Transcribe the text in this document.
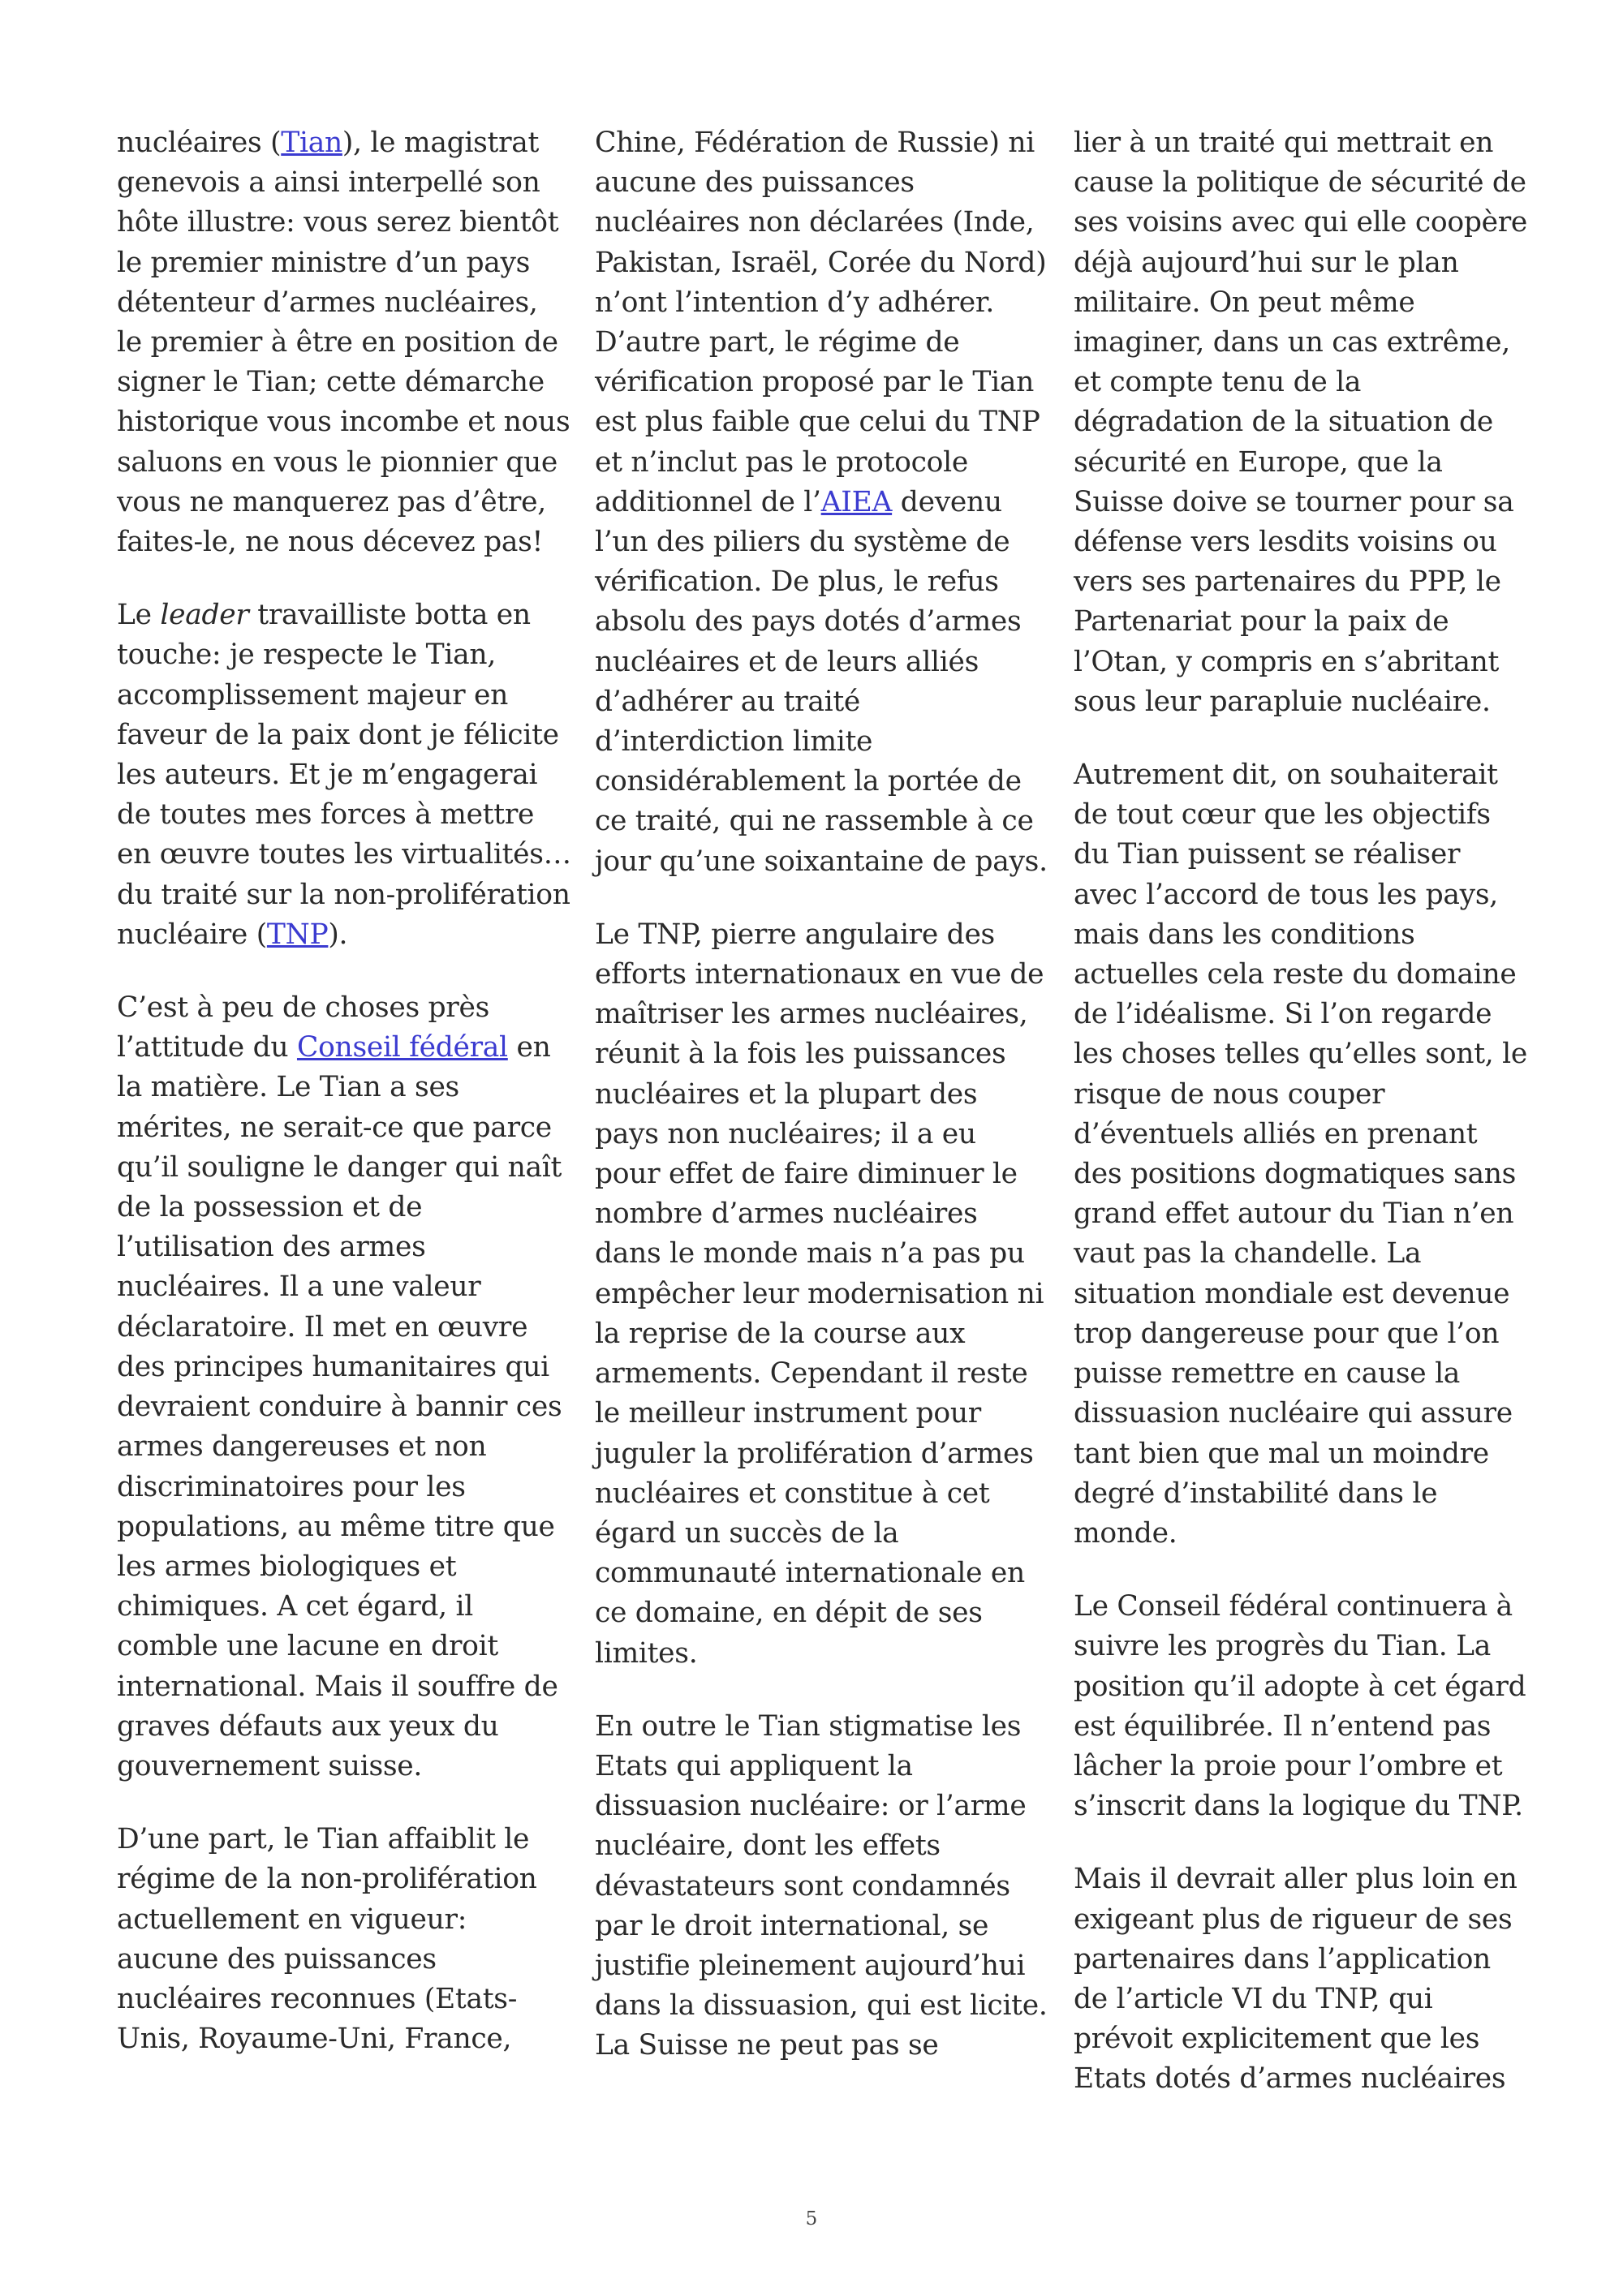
nucléaires (Tian), le magistrat genevois a ainsi interpellé son hôte illustre: vous serez bientôt le premier ministre d’un pays détenteur d’armes nucléaires, le premier à être en position de signer le Tian; cette démarche historique vous incombe et nous saluons en vous le pionnier que vous ne manquerez pas d’être, faites-le, ne nous décevez pas!

Le leader travailliste botta en touche: je respecte le Tian, accomplissement majeur en faveur de la paix dont je félicite les auteurs. Et je m’engagerai de toutes mes forces à mettre en œuvre toutes les virtualités… du traité sur la non-prolifération nucléaire (TNP).

C’est à peu de choses près l’attitude du Conseil fédéral en la matière. Le Tian a ses mérites, ne serait-ce que parce qu’il souligne le danger qui naît de la possession et de l’utilisation des armes nucléaires. Il a une valeur déclaratoire. Il met en œuvre des principes humanitaires qui devraient conduire à bannir ces armes dangereuses et non discriminatoires pour les populations, au même titre que les armes biologiques et chimiques. A cet égard, il comble une lacune en droit international. Mais il souffre de graves défauts aux yeux du gouvernement suisse.

D’une part, le Tian affaiblit le régime de la non-prolifération actuellement en vigueur: aucune des puissances nucléaires reconnues (Etats-Unis, Royaume-Uni, France,

Chine, Fédération de Russie) ni aucune des puissances nucléaires non déclarées (Inde, Pakistan, Israël, Corée du Nord) n’ont l’intention d’y adhérer. D’autre part, le régime de vérification proposé par le Tian est plus faible que celui du TNP et n’inclut pas le protocole additionnel de l’AIEA devenu l’un des piliers du système de vérification. De plus, le refus absolu des pays dotés d’armes nucléaires et de leurs alliés d’adhérer au traité d’interdiction limite considérablement la portée de ce traité, qui ne rassemble à ce jour qu’une soixantaine de pays.

Le TNP, pierre angulaire des efforts internationaux en vue de maîtriser les armes nucléaires, réunit à la fois les puissances nucléaires et la plupart des pays non nucléaires; il a eu pour effet de faire diminuer le nombre d’armes nucléaires dans le monde mais n’a pas pu empêcher leur modernisation ni la reprise de la course aux armements. Cependant il reste le meilleur instrument pour juguler la prolifération d’armes nucléaires et constitue à cet égard un succès de la communauté internationale en ce domaine, en dépit de ses limites.

En outre le Tian stigmatise les Etats qui appliquent la dissuasion nucléaire: or l’arme nucléaire, dont les effets dévastateurs sont condamnés par le droit international, se justifie pleinement aujourd’hui dans la dissuasion, qui est licite. La Suisse ne peut pas se

lier à un traité qui mettrait en cause la politique de sécurité de ses voisins avec qui elle coopère déjà aujourd’hui sur le plan militaire. On peut même imaginer, dans un cas extrême, et compte tenu de la dégradation de la situation de sécurité en Europe, que la Suisse doive se tourner pour sa défense vers lesdits voisins ou vers ses partenaires du PPP, le Partenariat pour la paix de l’Otan, y compris en s’abritant sous leur parapluie nucléaire.

Autrement dit, on souhaiterait de tout cœur que les objectifs du Tian puissent se réaliser avec l’accord de tous les pays, mais dans les conditions actuelles cela reste du domaine de l’idéalisme. Si l’on regarde les choses telles qu’elles sont, le risque de nous couper d’éventuels alliés en prenant des positions dogmatiques sans grand effet autour du Tian n’en vaut pas la chandelle. La situation mondiale est devenue trop dangereuse pour que l’on puisse remettre en cause la dissuasion nucléaire qui assure tant bien que mal un moindre degré d’instabilité dans le monde.

Le Conseil fédéral continuera à suivre les progrès du Tian. La position qu’il adopte à cet égard est équilibrée. Il n’entend pas lâcher la proie pour l’ombre et s’inscrit dans la logique du TNP.

Mais il devrait aller plus loin en exigeant plus de rigueur de ses partenaires dans l’application de l’article VI du TNP, qui prévoit explicitement que les Etats dotés d’armes nucléaires

5
